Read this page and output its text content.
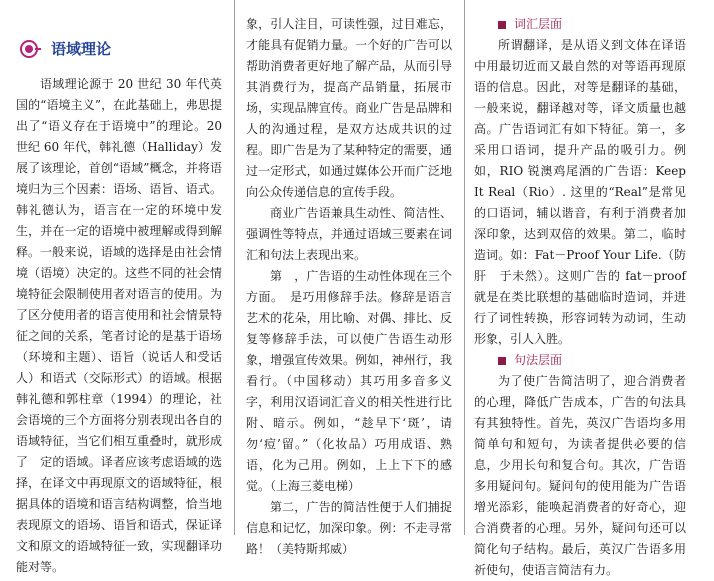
语域理论

语域理论源于 20 世纪 30 年代英国的“语境主义”，在此基础上，弗思提出了“语义存在于语境中”的理论。20 世纪 60 年代，韩礼德（Halliday）发展了该理论，首创“语域”概念，并将语境归为三个因素：语场、语旨、语式。韩礼德认为，语言在一定的环境中发生，并在一定的语境中被理解或得到解释。 一般来说，语域的选择是由社会情境（语境）决定的。这些不同的社会情境特征会限制使用者对语言的使用。为了区分使用者的语言使用和社会情景特征之间的关系，笔者讨论的是基于语场（环境和主题）、语旨（说话人和受话人）和语式（交际形式）的语域。根据韩礼德和郭柱章（1994）的理论，社会语境的三个方面将分别表现出各自的语域特征，当它们相互重叠时，就形成了　定的语域。译者应该考虑语域的选择，在译文中再现原文的语域特征，根据具体的语境和语言结构调整，恰当地表现原文的语场、语旨和语式，保证译文和原文的语域特征一致，实现翻译功能对等。

象，引人注目，可读性强，过目难忘，才能具有促销力量。一个好的广告可以帮助消费者更好地了解产品，从而引导其消费行为，提高产品销量，拓展市场，实现品牌宣传。商业广告是品牌和人的沟通过程，是双方达成共识的过程。即广告是为了某种特定的需要，通过一定形式，如通过媒体公开而广泛地向公众传递信息的宣传手段。

商业广告语兼具生动性、简洁性、强调性等特点，并通过语域三要素在词汇和句法上表现出来。

第　，广告语的生动性体现在三个方面。　是巧用修辞手法。修辞是语言艺术的花朵，用比喻、对偶、排比、反复等修辞手法，可以使广告语生动形象，增强宣传效果。例如，神州行，我看行。（中国移动）其巧用多音多义字，利用汉语词汇音义的相关性进行比附、暗示。例如，“趁早下‘斑’，请勿‘痘’留。”（化妆品）巧用成语、熟语，化为己用。例如，上上下下的感觉。（上海三菱电梯）

第二，广告的简洁性便于人们捕捉信息和记忆，加深印象。例：不走寻常路！（美特斯邦威）

词汇层面

所谓翻译，是从语义到文体在译语中用最切近而又最自然的对等语再现原语的信息。因此，对等是翻译的基础，一般来说，翻译越对等，译文质量也越高。广告语词汇有如下特征。第一，多采用口语词，提升产品的吸引力。例如，RIO 锐澳鸡尾酒的广告语：Keep It Real（Rio）. 这里的“Real”是常见的口语词，辅以谐音，有利于消费者加深印象，达到双倍的效果。第二，临时造词。如：Fat－Proof Your Life.（防　肝　于未然）。这则广告的 fat－proof 就是在类比联想的基础临时造词，并进行了词性转换，形容词转为动词，生动形象，引人入胜。

句法层面

为了使广告简洁明了，迎合消费者的心理，降低广告成本，广告的句法具有其独特性。首先，英汉广告语均多用简单句和短句，为读者提供必要的信息，少用长句和复合句。其次，广告语多用疑问句。疑问句的使用能为广告语增光添彩，能唤起消费者的好奇心，迎合消费者的心理。另外，疑问句还可以简化句子结构。最后，英汉广告语多用祈使句，使语言简洁有力。
